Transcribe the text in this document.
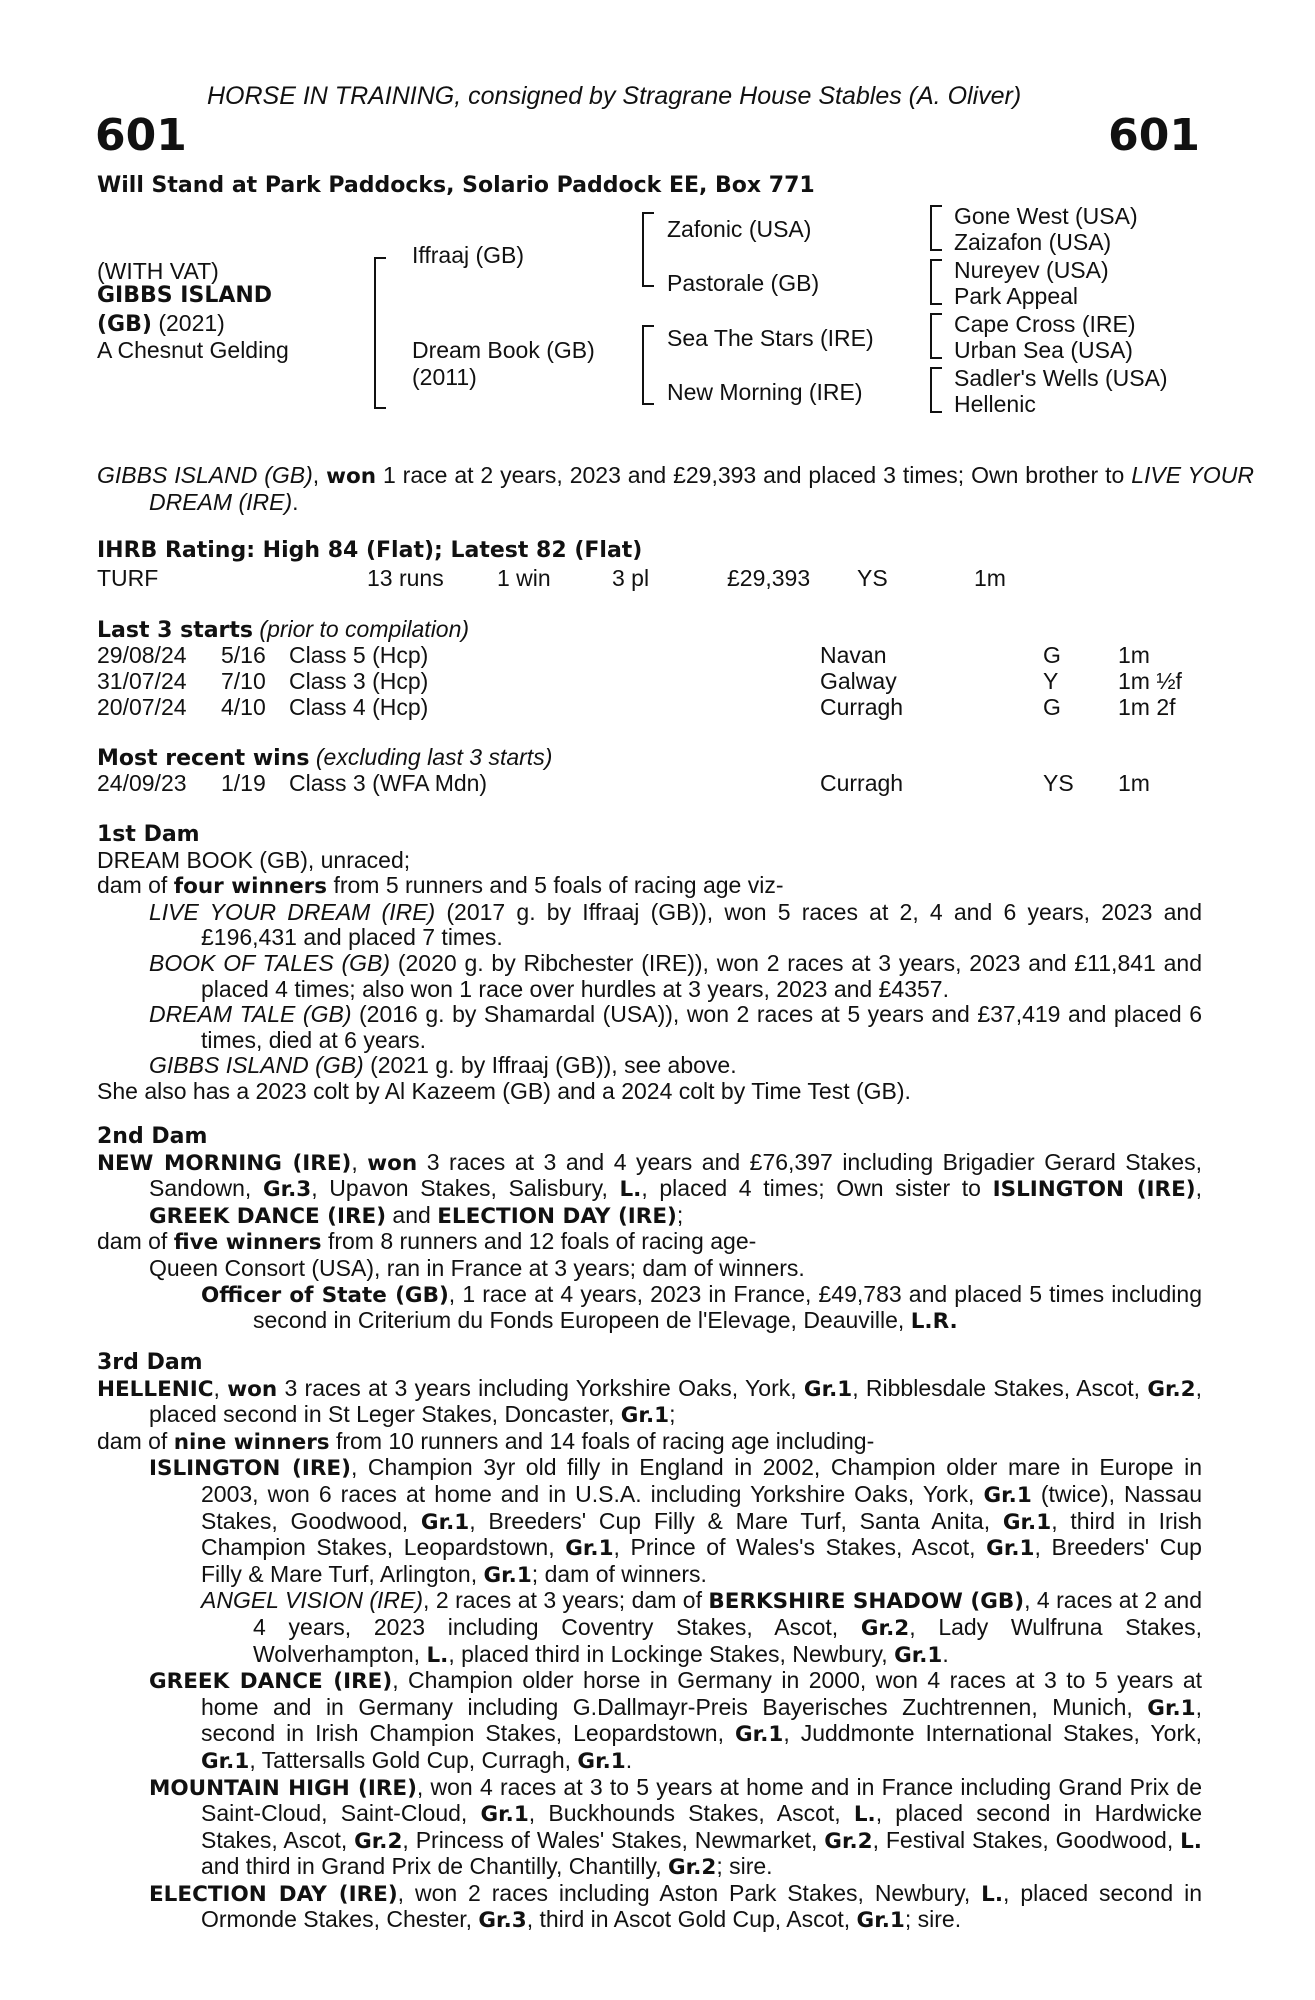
HORSE IN TRAINING, consigned by Stragrane House Stables (A. Oliver)
601	601
Will Stand at Park Paddocks, Solario Paddock EE, Box 771
(WITH VAT)
GIBBS ISLAND
(GB) (2021)
A Chesnut Gelding
Iffraaj (GB)
Dream Book (GB)
(2011)
Zafonic (USA)
Pastorale (GB)
Sea The Stars (IRE)
New Morning (IRE)
Gone West (USA)
Zaizafon (USA)
Nureyev (USA)
Park Appeal
Cape Cross (IRE)
Urban Sea (USA)
Sadler's Wells (USA)
Hellenic
GIBBS ISLAND (GB), won 1 race at 2 years, 2023 and £29,393 and placed 3 times; Own brother to LIVE YOUR DREAM (IRE).
IHRB Rating: High 84 (Flat); Latest 82 (Flat)
TURF	13 runs 1 win	3 pl	£29,393 YS	1m
Last 3 starts (prior to compilation)
29/08/24 5/16 Class 5 (Hcp)	Navan	G 1m
31/07/24 7/10 Class 3 (Hcp)	Galway	Y	1m ½f
20/07/24 4/10 Class 4 (Hcp)	Curragh	G 1m 2f
Most recent wins (excluding last 3 starts)
24/09/23 1/19 Class 3 (WFA Mdn)	Curragh	YS 1m
1st Dam
DREAM BOOK (GB), unraced;
dam of four winners from 5 runners and 5 foals of racing age viz-
LIVE YOUR DREAM (IRE) (2017 g. by Iffraaj (GB)), won 5 races at 2, 4 and 6 years, 2023 and £196,431 and placed 7 times.
BOOK OF TALES (GB) (2020 g. by Ribchester (IRE)), won 2 races at 3 years, 2023 and £11,841 and placed 4 times; also won 1 race over hurdles at 3 years, 2023 and £4357.
DREAM TALE (GB) (2016 g. by Shamardal (USA)), won 2 races at 5 years and £37,419 and placed 6 times, died at 6 years.
GIBBS ISLAND (GB) (2021 g. by Iffraaj (GB)), see above.
She also has a 2023 colt by Al Kazeem (GB) and a 2024 colt by Time Test (GB).
2nd Dam
NEW MORNING (IRE), won 3 races at 3 and 4 years and £76,397 including Brigadier Gerard Stakes, Sandown, Gr.3, Upavon Stakes, Salisbury, L., placed 4 times; Own sister to ISLINGTON (IRE), GREEK DANCE (IRE) and ELECTION DAY (IRE);
dam of five winners from 8 runners and 12 foals of racing age-
Queen Consort (USA), ran in France at 3 years; dam of winners.
Officer of State (GB), 1 race at 4 years, 2023 in France, £49,783 and placed 5 times including second in Criterium du Fonds Europeen de l'Elevage, Deauville, L.R.
3rd Dam
HELLENIC, won 3 races at 3 years including Yorkshire Oaks, York, Gr.1, Ribblesdale Stakes, Ascot, Gr.2, placed second in St Leger Stakes, Doncaster, Gr.1;
dam of nine winners from 10 runners and 14 foals of racing age including-
ISLINGTON (IRE), Champion 3yr old filly in England in 2002, Champion older mare in Europe in 2003, won 6 races at home and in U.S.A. including Yorkshire Oaks, York, Gr.1 (twice), Nassau Stakes, Goodwood, Gr.1, Breeders' Cup Filly & Mare Turf, Santa Anita, Gr.1, third in Irish Champion Stakes, Leopardstown, Gr.1, Prince of Wales's Stakes, Ascot, Gr.1, Breeders' Cup Filly & Mare Turf, Arlington, Gr.1; dam of winners.
ANGEL VISION (IRE), 2 races at 3 years; dam of BERKSHIRE SHADOW (GB), 4 races at 2 and 4 years, 2023 including Coventry Stakes, Ascot, Gr.2, Lady Wulfruna Stakes, Wolverhampton, L., placed third in Lockinge Stakes, Newbury, Gr.1.
GREEK DANCE (IRE), Champion older horse in Germany in 2000, won 4 races at 3 to 5 years at home and in Germany including G.Dallmayr-Preis Bayerisches Zuchtrennen, Munich, Gr.1, second in Irish Champion Stakes, Leopardstown, Gr.1, Juddmonte International Stakes, York, Gr.1, Tattersalls Gold Cup, Curragh, Gr.1.
MOUNTAIN HIGH (IRE), won 4 races at 3 to 5 years at home and in France including Grand Prix de Saint-Cloud, Saint-Cloud, Gr.1, Buckhounds Stakes, Ascot, L., placed second in Hardwicke Stakes, Ascot, Gr.2, Princess of Wales' Stakes, Newmarket, Gr.2, Festival Stakes, Goodwood, L. and third in Grand Prix de Chantilly, Chantilly, Gr.2; sire.
ELECTION DAY (IRE), won 2 races including Aston Park Stakes, Newbury, L., placed second in Ormonde Stakes, Chester, Gr.3, third in Ascot Gold Cup, Ascot, Gr.1; sire.
